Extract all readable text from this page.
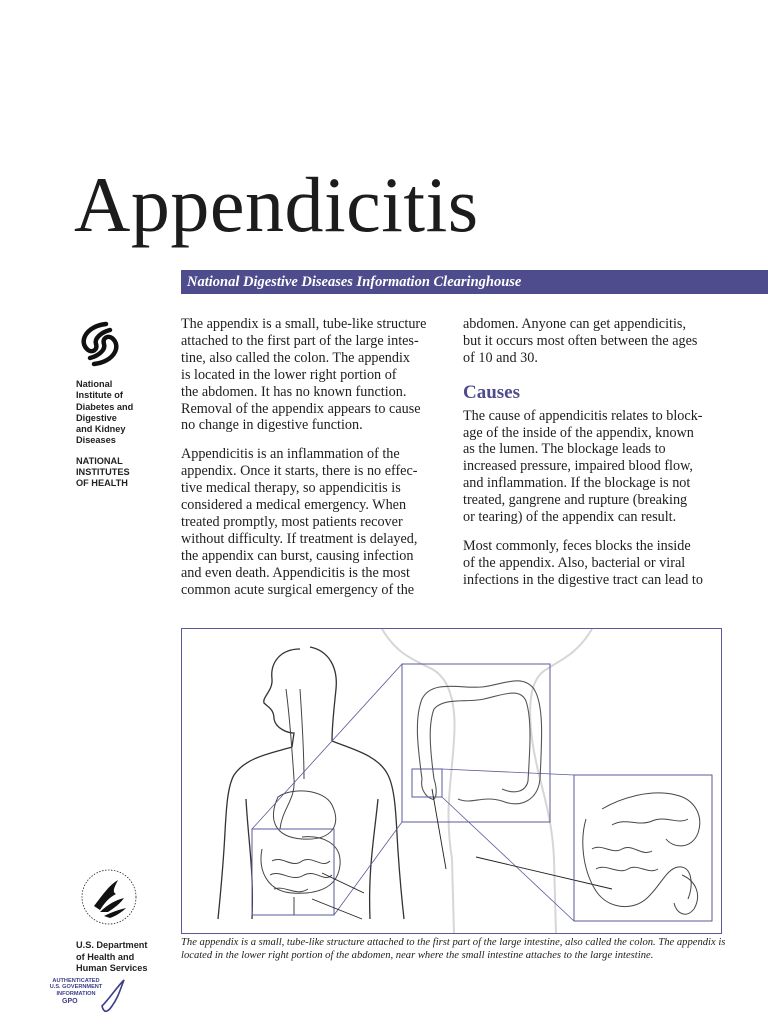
Appendicitis
National Digestive Diseases Information Clearinghouse
National
Institute of
Diabetes and
Digestive
and Kidney
Diseases
NATIONAL
INSTITUTES
OF HEALTH

The appendix is a small, tube-like structure
attached to the first part of the large intes-
tine, also called the colon. The appendix
is located in the lower right portion of
the abdomen. It has no known function.
Removal of the appendix appears to cause
no change in digestive function.

Appendicitis is an inflammation of the
appendix. Once it starts, there is no effec-
tive medical therapy, so appendicitis is
considered a medical emergency. When
treated promptly, most patients recover
without difficulty. If treatment is delayed,
the appendix can burst, causing infection
and even death. Appendicitis is the most
common acute surgical emergency of the

abdomen. Anyone can get appendicitis,
but it occurs most often between the ages
of 10 and 30.

Causes

The cause of appendicitis relates to block-
age of the inside of the appendix, known
as the lumen. The blockage leads to
increased pressure, impaired blood flow,
and inflammation. If the blockage is not
treated, gangrene and rupture (breaking
or tearing) of the appendix can result.

Most commonly, feces blocks the inside
of the appendix. Also, bacterial or viral
infections in the digestive tract can lead to

The appendix is a small, tube-like structure attached to the first part of the large intestine, also called the colon. The appendix is located in the lower right portion of the abdomen, near where the small intestine attaches to the large intestine.
U.S. Department
of Health and
Human Services
AUTHENTICATED
U.S. GOVERNMENT
INFORMATION
GPO
